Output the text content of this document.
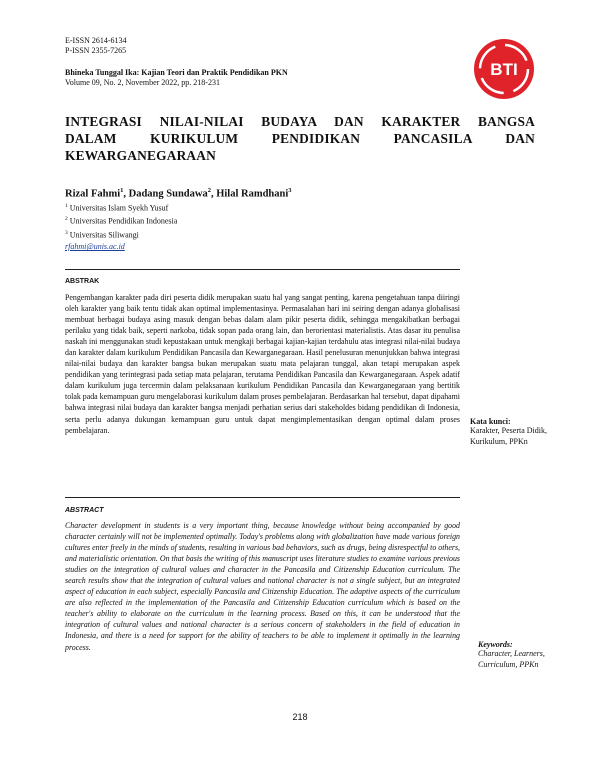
E-ISSN 2614-6134
P-ISSN 2355-7265
Bhineka Tunggal Ika: Kajian Teori dan Praktik Pendidikan PKN
Volume 09, No. 2, November 2022, pp. 218-231
BTI
INTEGRASI NILAI-NILAI BUDAYA DAN KARAKTER BANGSA
DALAM KURIKULUM PENDIDIKAN PANCASILA DAN
KEWARGANEGARAAN
Rizal Fahmi$^1$, Dadang Sundawa$^2$, Hilal Ramdhani$^3$
$^1$ Universitas Islam Syekh Yusuf
$^2$ Universitas Pendidikan Indonesia
$^3$ Universitas Siliwangi
rfahmi@unis.ac.id
ABSTRAK
Pengembangan karakter pada diri peserta didik merupakan suatu hal yang sangat penting, karena pengetahuan tanpa diiringi oleh karakter yang baik tentu tidak akan optimal implementasinya. Permasalahan hari ini seiring dengan adanya globalisasi membuat berbagai budaya asing masuk dengan bebas dalam alam pikir peserta didik, sehingga mengakibatkan berbagai perilaku yang tidak baik, seperti narkoba, tidak sopan pada orang lain, dan berorientasi materialistis. Atas dasar itu penulisa naskah ini menggunakan studi kepustakaan untuk mengkaji berbagai kajian-kajian terdahulu atas integrasi nilai-nilai budaya dan karakter dalam kurikulum Pendidikan Pancasila dan Kewarganegaraan. Hasil penelusuran menunjukkan bahwa integrasi nilai-nilai budaya dan karakter bangsa bukan merupakan suatu mata pelajaran tunggal, akan tetapi merupakan aspek pendidikan yang terintegrasi pada setiap mata pelajaran, terutama Pendidikan Pancasila dan Kewarganegaraan. Aspek adatif dalam kurikulum juga tercermin dalam pelaksanaan kurikulum Pendidikan Pancasila dan Kewarganegaraan yang bertitik tolak pada kemampuan guru mengelaborasi kurikulum dalam proses pembelajaran. Berdasarkan hal tersebut, dapat dipahami bahwa integrasi nilai budaya dan karakter bangsa menjadi perhatian serius dari stakeholdes bidang pendidikan di Indonesia, serta perlu adanya dukungan kemampuan guru untuk dapat mengimplementasikan dengan optimal dalam proses pembelajaran.
Kata kunci:
Karakter, Peserta Didik,
Kurikulum, PPKn
ABSTRACT
Character development in students is a very important thing, because knowledge without being accompanied by good character certainly will not be implemented optimally. Today's problems along with globalization have made various foreign cultures enter freely in the minds of students, resulting in various bad behaviors, such as drugs, being disrespectful to others, and materialistic orientation. On that basis the writing of this manuscript uses literature studies to examine various previous studies on the integration of cultural values and character in the Pancasila and Citizenship Education curriculum. The search results show that the integration of cultural values and national character is not a single subject, but an integrated aspect of education in each subject, especially Pancasila and Citizenship Education. The adaptive aspects of the curriculum are also reflected in the implementation of the Pancasila and Citizenship Education curriculum which is based on the teacher's ability to elaborate on the curriculum in the learning process. Based on this, it can be understood that the integration of cultural values and national character is a serious concern of stakeholders in the field of education in Indonesia, and there is a need for support for the ability of teachers to be able to implement it optimally in the learning process.	Keywords:
Character, Learners,
Curriculum, PPKn
218
